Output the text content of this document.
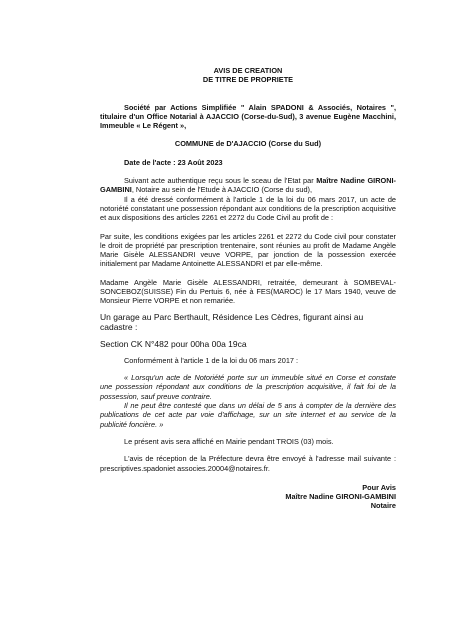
AVIS DE CREATION
DE TITRE DE PROPRIETE

Société par Actions Simplifiée " Alain SPADONI & Associés, Notaires ", titulaire d'un Office Notarial à AJACCIO (Corse-du-Sud), 3 avenue Eugène Macchini, Immeuble « Le Régent »,

COMMUNE de D'AJACCIO (Corse du Sud)

Date de l'acte : 23 Août 2023

Suivant acte authentique reçu sous le sceau de l'Etat par Maître Nadine GIRONI-GAMBINI, Notaire au sein de l'Etude à AJACCIO (Corse du sud),

Il a été dressé conformément à l'article 1 de la loi du 06 mars 2017, un acte de notoriété constatant une possession répondant aux conditions de la prescription acquisitive et aux dispositions des articles 2261 et 2272 du Code Civil au profit de :

Par suite, les conditions exigées par les articles 2261 et 2272 du Code civil pour constater le droit de propriété par prescription trentenaire, sont réunies au profit de Madame Angèle Marie Gisèle ALESSANDRI veuve VORPE, par jonction de la possession exercée initialement par Madame Antoinette ALESSANDRI et par elle-même.

Madame Angèle Marie Gisèle ALESSANDRI, retraitée, demeurant à SOMBEVAL-SONCEBOZ(SUISSE) Fin du Pertuis 6, née à FES(MAROC) le 17 Mars 1940, veuve de Monsieur Pierre VORPE et non remariée.

Un garage au Parc Berthault, Résidence Les Cèdres, figurant ainsi au cadastre :

Section CK N°482 pour 00ha 00a 19ca

Conformément à l'article 1 de la loi du 06 mars 2017 :

« Lorsqu'un acte de Notoriété porte sur un immeuble situé en Corse et constate une possession répondant aux conditions de la prescription acquisitive, il fait foi de la possession, sauf preuve contraire.

Il ne peut être contesté que dans un délai de 5 ans à compter de la dernière des publications de cet acte par voie d'affichage, sur un site internet et au service de la publicité foncière. »

Le présent avis sera affiché en Mairie pendant TROIS (03) mois.

L'avis de réception de la Préfecture devra être envoyé à l'adresse mail suivante : prescriptives.spadoniet associes.20004@notaires.fr.

Pour Avis
Maître Nadine GIRONI-GAMBINI
Notaire
